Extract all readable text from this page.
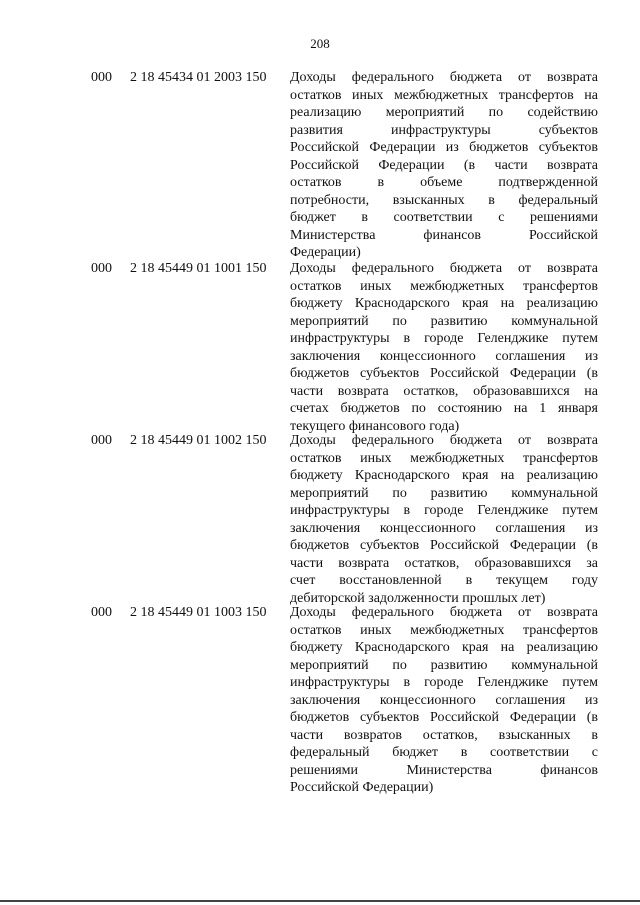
208
000 2 18 45434 01 2003 150 Доходы федерального бюджета от возврата
остатков иных межбюджетных трансфертов на
реализацию мероприятий по содействию
развития инфраструктуры субъектов
Российской Федерации из бюджетов субъектов
Российской Федерации (в части возврата
остатков в объеме подтвержденной
потребности, взысканных в федеральный
бюджет в соответствии с решениями
Министерства финансов Российской
Федерации)
000 2 18 45449 01 1001 150 Доходы федерального бюджета от возврата
остатков иных межбюджетных трансфертов
бюджету Краснодарского края на реализацию
мероприятий по развитию коммунальной
инфраструктуры в городе Геленджике путем
заключения концессионного соглашения из
бюджетов субъектов Российской Федерации (в
части возврата остатков, образовавшихся на
счетах бюджетов по состоянию на 1 января
текущего финансового года)
000 2 18 45449 01 1002 150 Доходы федерального бюджета от возврата
остатков иных межбюджетных трансфертов
бюджету Краснодарского края на реализацию
мероприятий по развитию коммунальной
инфраструктуры в городе Геленджике путем
заключения концессионного соглашения из
бюджетов субъектов Российской Федерации (в
части возврата остатков, образовавшихся за
счет восстановленной в текущем году
дебиторской задолженности прошлых лет)
000 2 18 45449 01 1003 150 Доходы федерального бюджета от возврата
остатков иных межбюджетных трансфертов
бюджету Краснодарского края на реализацию
мероприятий по развитию коммунальной
инфраструктуры в городе Геленджике путем
заключения концессионного соглашения из
бюджетов субъектов Российской Федерации (в
части возвратов остатков, взысканных в
федеральный бюджет в соответствии с
решениями Министерства финансов
Российской Федерации)
